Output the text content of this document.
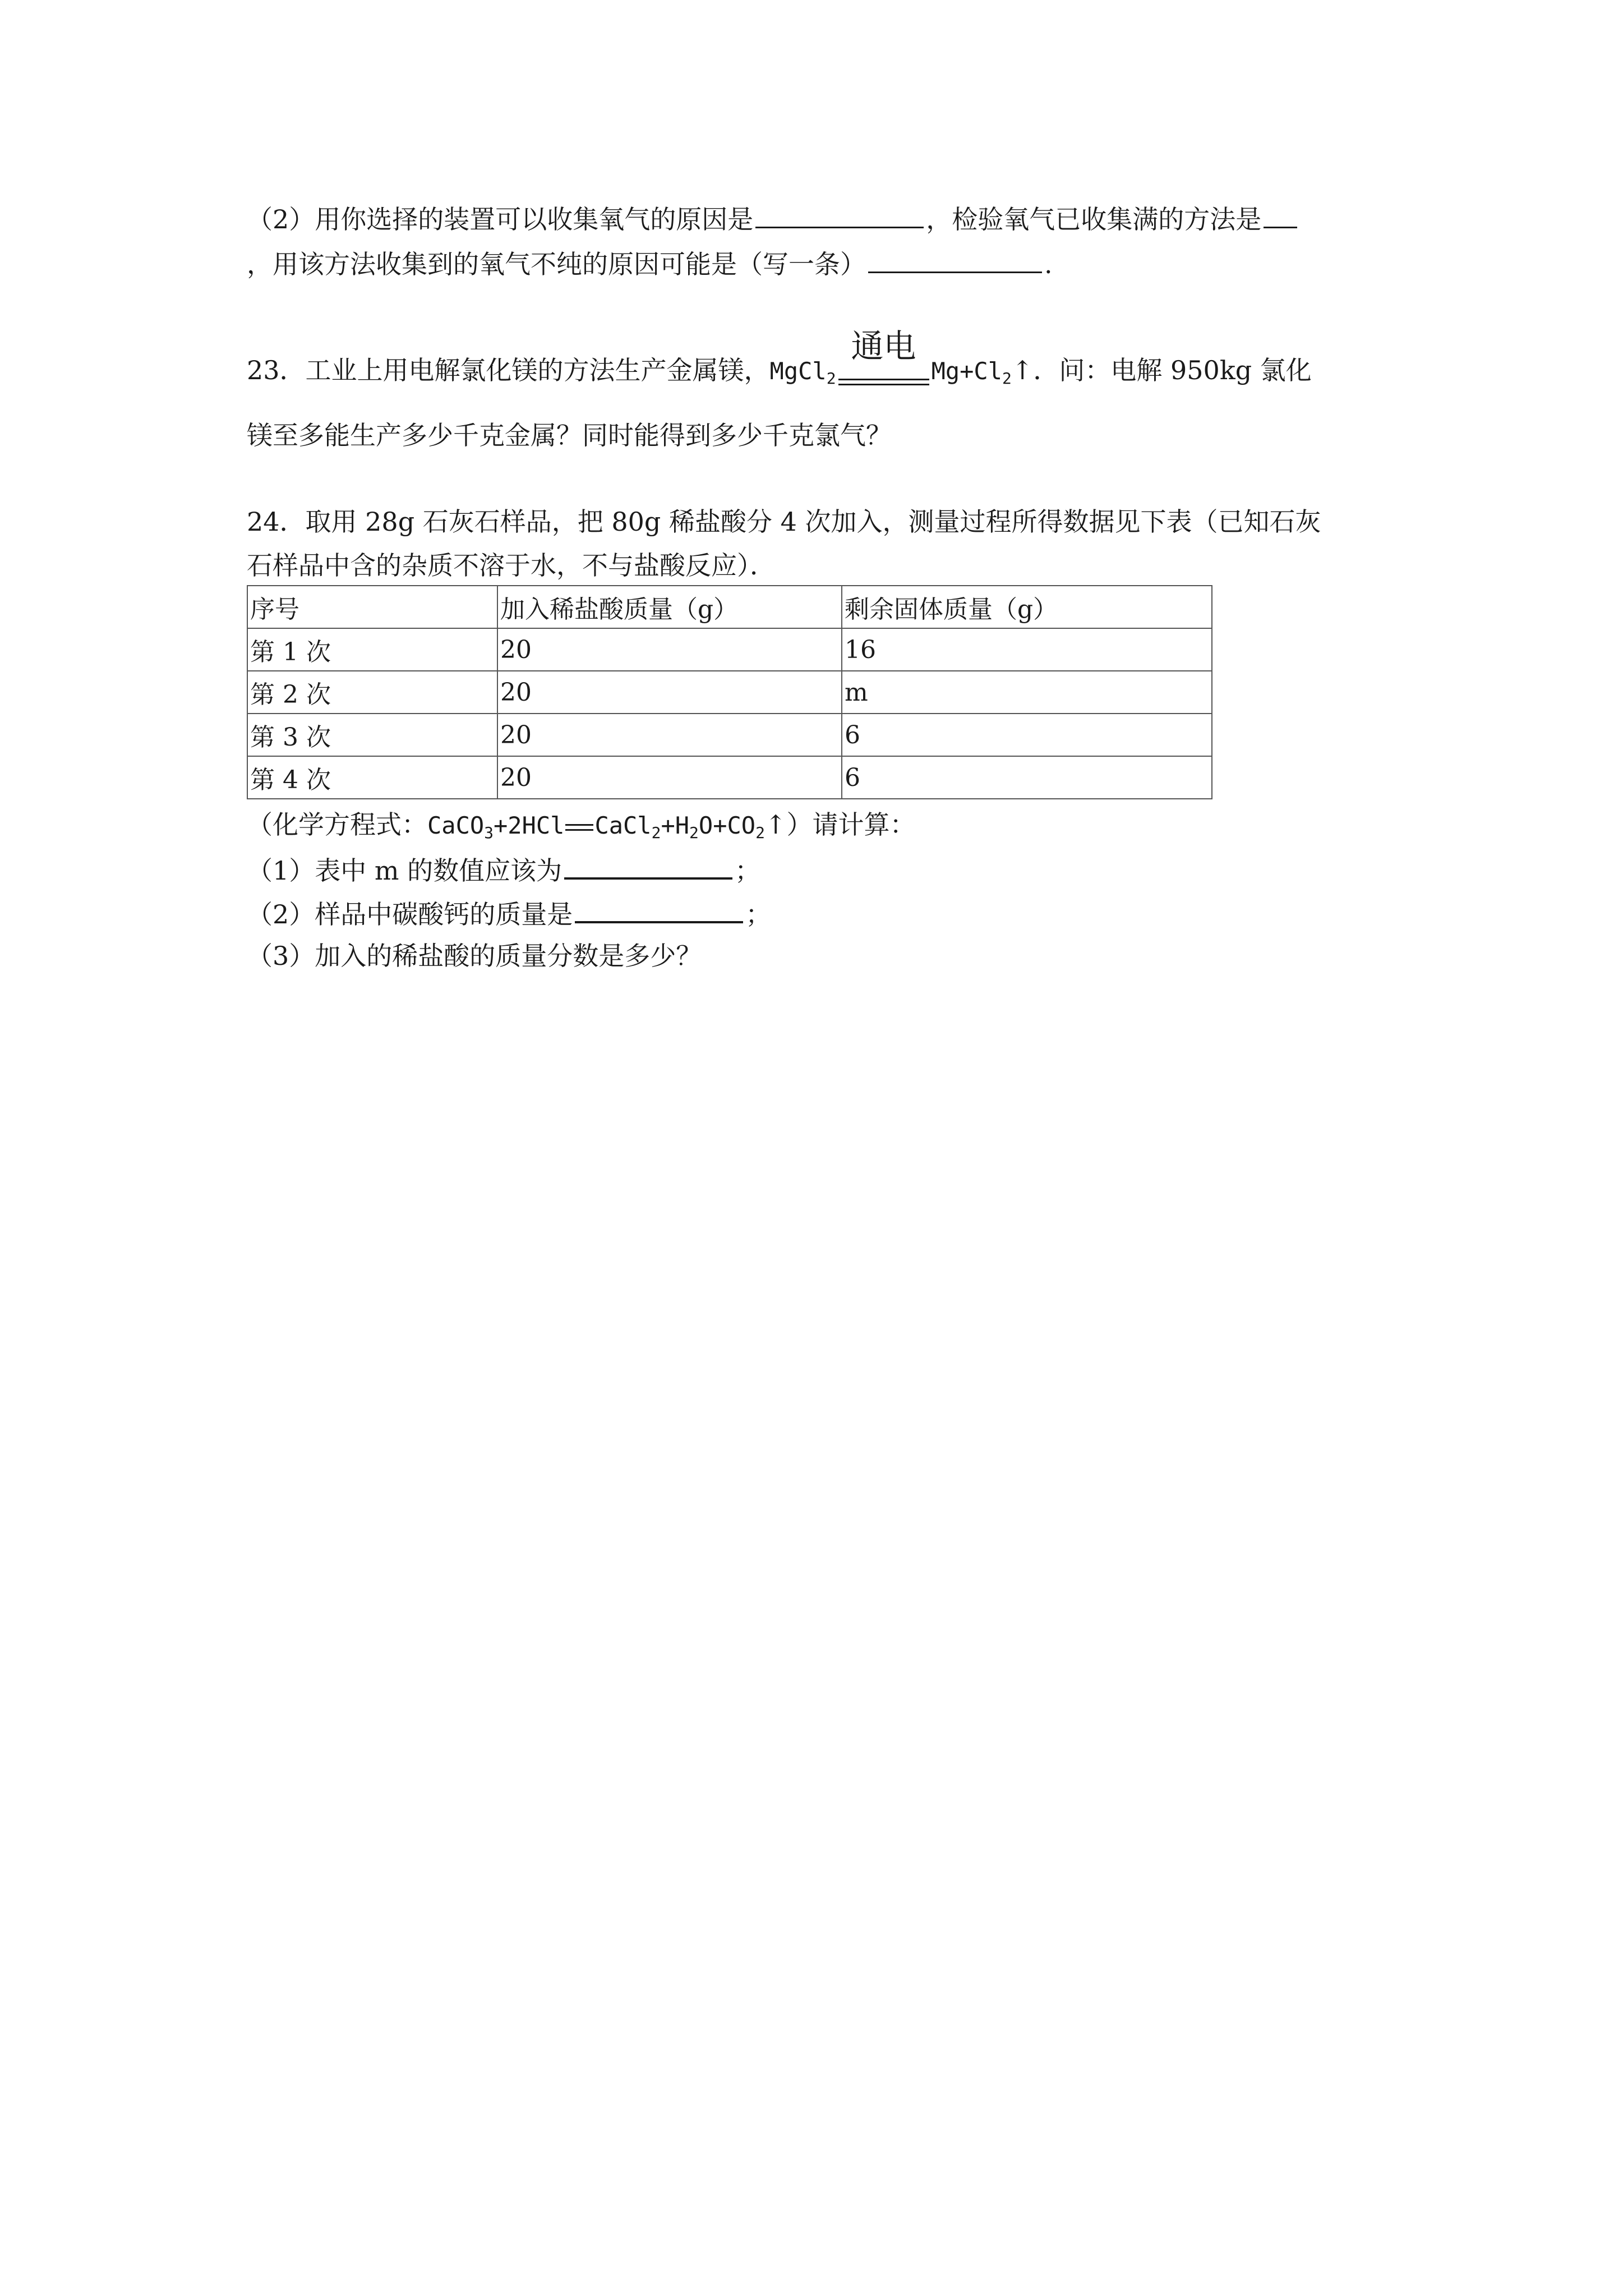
（2）用你选择的装置可以收集氧气的原因是	，检验氧气已收集满的方法是
，用该方法收集到的氧气不纯的原因可能是（写一条）	.
23．工业上用电解氯化镁的方法生产金属镁，MgCl$_2$
通电
$Mg+Cl_2↑$．问：电解 950kg 氯化
镁至多能生产多少千克金属？同时能得到多少千克氯气？
24．取用 28g 石灰石样品，把 80g 稀盐酸分 4 次加入，测量过程所得数据见下表（已知石灰
石样品中含的杂质不溶于水，不与盐酸反应）．
序号	加入稀盐酸质量（g）	剩余固体质量（g）
第 1 次	20	16
第 2 次	20	m
第 3 次	20	6
第 4 次	20	6
（化学方程式：CaCO$_3$+2HCl $CaCl_2+H_2O+CO_2↑$）请计算：
（1）表中 m 的数值应该为	；
（2）样品中碳酸钙的质量是	；
（3）加入的稀盐酸的质量分数是多少？
